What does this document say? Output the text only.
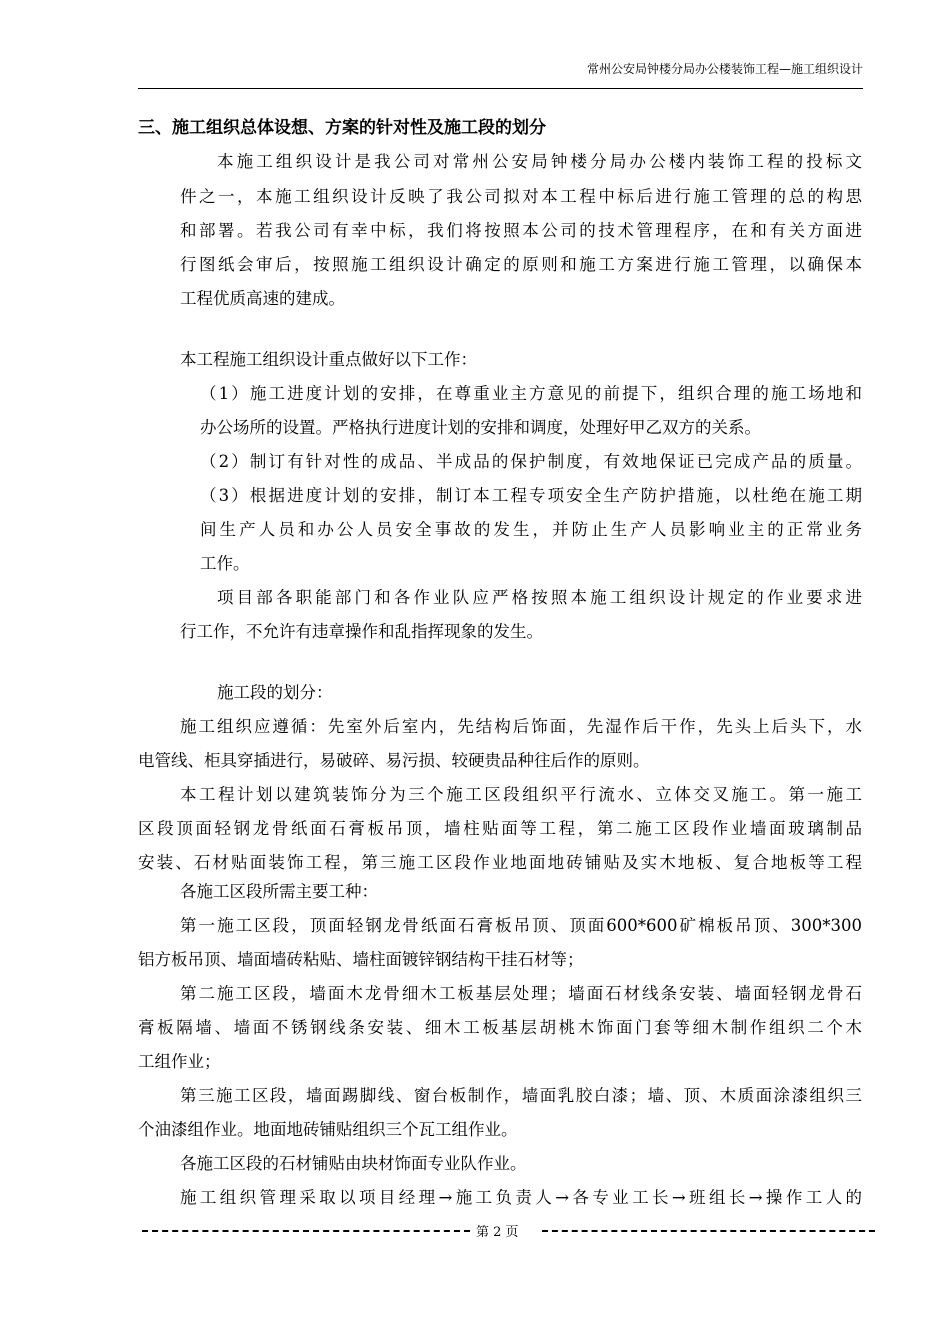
常州公安局钟楼分局办公楼装饰工程—施工组织设计
三、施工组织总体设想、方案的针对性及施工段的划分
本施工组织设计是我公司对常州公安局钟楼分局办公楼内装饰工程的投标文
件之一，本施工组织设计反映了我公司拟对本工程中标后进行施工管理的总的构思
和部署。若我公司有幸中标，我们将按照本公司的技术管理程序，在和有关方面进
行图纸会审后，按照施工组织设计确定的原则和施工方案进行施工管理，以确保本
工程优质高速的建成。
本工程施工组织设计重点做好以下工作：
（1）施工进度计划的安排，在尊重业主方意见的前提下，组织合理的施工场地和
办公场所的设置。严格执行进度计划的安排和调度，处理好甲乙双方的关系。
（2）制订有针对性的成品、半成品的保护制度，有效地保证已完成产品的质量。
（3）根据进度计划的安排，制订本工程专项安全生产防护措施，以杜绝在施工期
间生产人员和办公人员安全事故的发生，并防止生产人员影响业主的正常业务
工作。
项目部各职能部门和各作业队应严格按照本施工组织设计规定的作业要求进
行工作，不允许有违章操作和乱指挥现象的发生。
施工段的划分：
施工组织应遵循：先室外后室内，先结构后饰面，先湿作后干作，先头上后头下，水
电管线、柜具穿插进行，易破碎、易污损、较硬贵品种往后作的原则。
本工程计划以建筑装饰分为三个施工区段组织平行流水、立体交叉施工。第一施工
区段顶面轻钢龙骨纸面石膏板吊顶，墙柱贴面等工程，第二施工区段作业墙面玻璃制品
安装、石材贴面装饰工程，第三施工区段作业地面地砖铺贴及实木地板、复合地板等工程
各施工区段所需主要工种：
第一施工区段，顶面轻钢龙骨纸面石膏板吊顶、顶面600*600矿棉板吊顶、300*300
铝方板吊顶、墙面墙砖粘贴、墙柱面镀锌钢结构干挂石材等；
第二施工区段，墙面木龙骨细木工板基层处理；墙面石材线条安装、墙面轻钢龙骨石
膏板隔墙、墙面不锈钢线条安装、细木工板基层胡桃木饰面门套等细木制作组织二个木
工组作业；
第三施工区段，墙面踢脚线、窗台板制作，墙面乳胶白漆；墙、顶、木质面涂漆组织三
个油漆组作业。地面地砖铺贴组织三个瓦工组作业。
各施工区段的石材铺贴由块材饰面专业队作业。
施工组织管理采取以项目经理→施工负责人→各专业工长→班组长→操作工人的
第 2 页
